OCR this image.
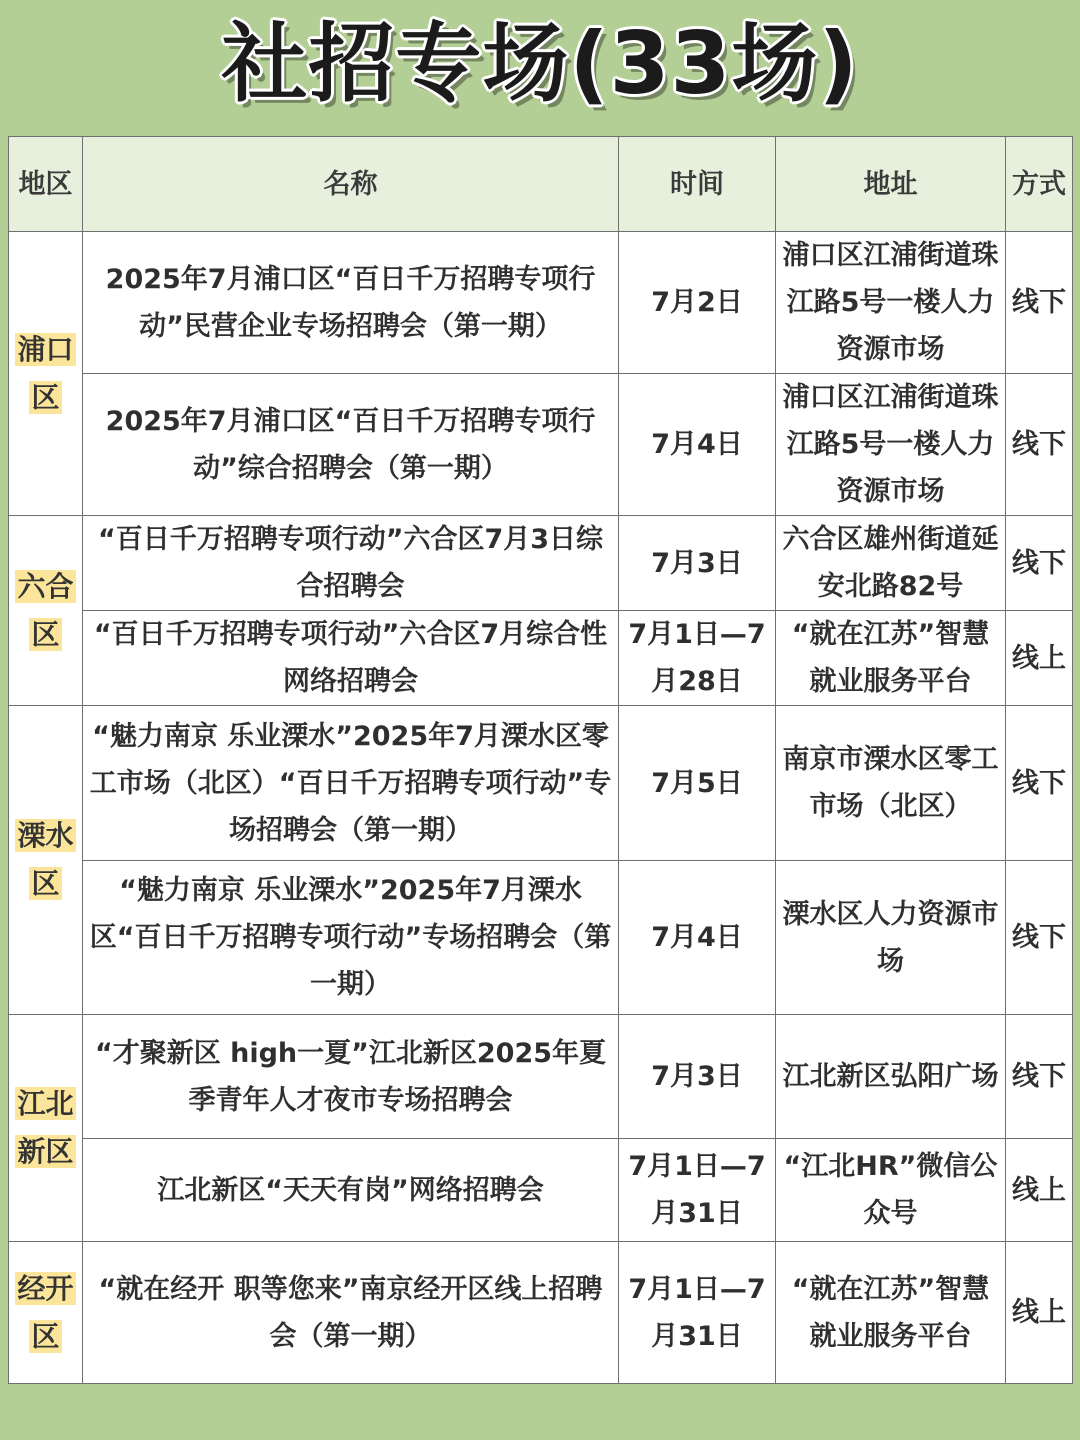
社招专场(33场)
地区	名称	时间	地址	方式
浦口区	2025年7月浦口区“百日千万招聘专项行动”民营企业专场招聘会（第一期）	7月2日	浦口区江浦街道珠江路5号一楼人力资源市场	线下
	2025年7月浦口区“百日千万招聘专项行动”综合招聘会（第一期）	7月4日	浦口区江浦街道珠江路5号一楼人力资源市场	线下
六合区	“百日千万招聘专项行动”六合区7月3日综合招聘会	7月3日	六合区雄州街道延安北路82号	线下
	“百日千万招聘专项行动”六合区7月综合性网络招聘会	7月1日—7月28日	“就在江苏”智慧就业服务平台	线上
溧水区	“魅力南京 乐业溧水”2025年7月溧水区零工市场（北区）“百日千万招聘专项行动”专场招聘会（第一期）	7月5日	南京市溧水区零工市场（北区）	线下
	“魅力南京 乐业溧水”2025年7月溧水区“百日千万招聘专项行动”专场招聘会（第一期）	7月4日	溧水区人力资源市场	线下
江北新区	“才聚新区 high一夏”江北新区2025年夏季青年人才夜市专场招聘会	7月3日	江北新区弘阳广场	线下
	江北新区“天天有岗”网络招聘会	7月1日—7月31日	“江北HR”微信公众号	线上
经开区	“就在经开 职等您来”南京经开区线上招聘会（第一期）	7月1日—7月31日	“就在江苏”智慧就业服务平台	线上
